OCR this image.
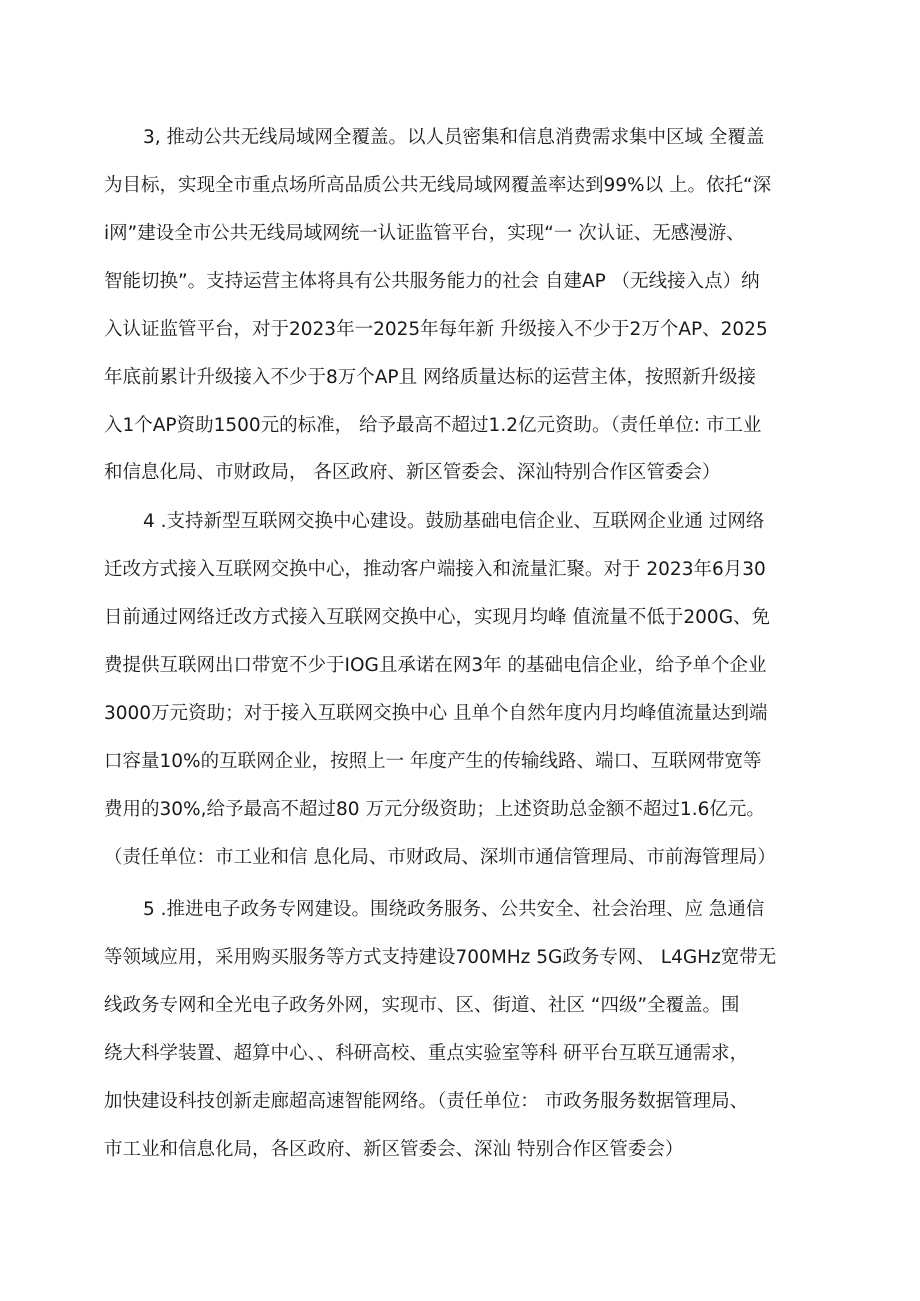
3, 推动公共无线局域网全覆盖。以人员密集和信息消费需求集中区域 全覆盖
为目标，实现全市重点场所高品质公共无线局域网覆盖率达到99%以 上。依托“深
i网”建设全市公共无线局域网统一认证监管平台，实现“一 次认证、无感漫游、
智能切换”。支持运营主体将具有公共服务能力的社会 自建AP （无线接入点）纳
入认证监管平台，对于2023年一2025年每年新 升级接入不少于2万个AP、2025
年底前累计升级接入不少于8万个AP且 网络质量达标的运营主体，按照新升级接
入1个AP资助1500元的标准， 给予最高不超过1.2亿元资助。（责任单位: 市工业
和信息化局、市财政局， 各区政府、新区管委会、深汕特别合作区管委会）
4 .支持新型互联网交换中心建设。鼓励基础电信企业、互联网企业通 过网络
迁改方式接入互联网交换中心，推动客户端接入和流量汇聚。对于 2023年6月30
日前通过网络迁改方式接入互联网交换中心，实现月均峰 值流量不低于200G、免
费提供互联网出口带宽不少于IOG且承诺在网3年 的基础电信企业，给予单个企业
3000万元资助；对于接入互联网交换中心 且单个自然年度内月均峰值流量达到端
口容量10%的互联网企业，按照上一 年度产生的传输线路、端口、互联网带宽等
费用的30%,给予最高不超过80 万元分级资助；上述资助总金额不超过1.6亿元。
（责任单位：市工业和信 息化局、市财政局、深圳市通信管理局、市前海管理局）
5 .推进电子政务专网建设。围绕政务服务、公共安全、社会治理、应 急通信
等领域应用，采用购买服务等方式支持建设700MHz 5G政务专网、 L4GHz宽带无
线政务专网和全光电子政务外网，实现市、区、街道、社区 “四级”全覆盖。围
绕大科学装置、超算中心、、科研高校、重点实验室等科 研平台互联互通需求，
加快建设科技创新走廊超高速智能网络。（责任单位： 市政务服务数据管理局、
市工业和信息化局，各区政府、新区管委会、深汕 特别合作区管委会）
